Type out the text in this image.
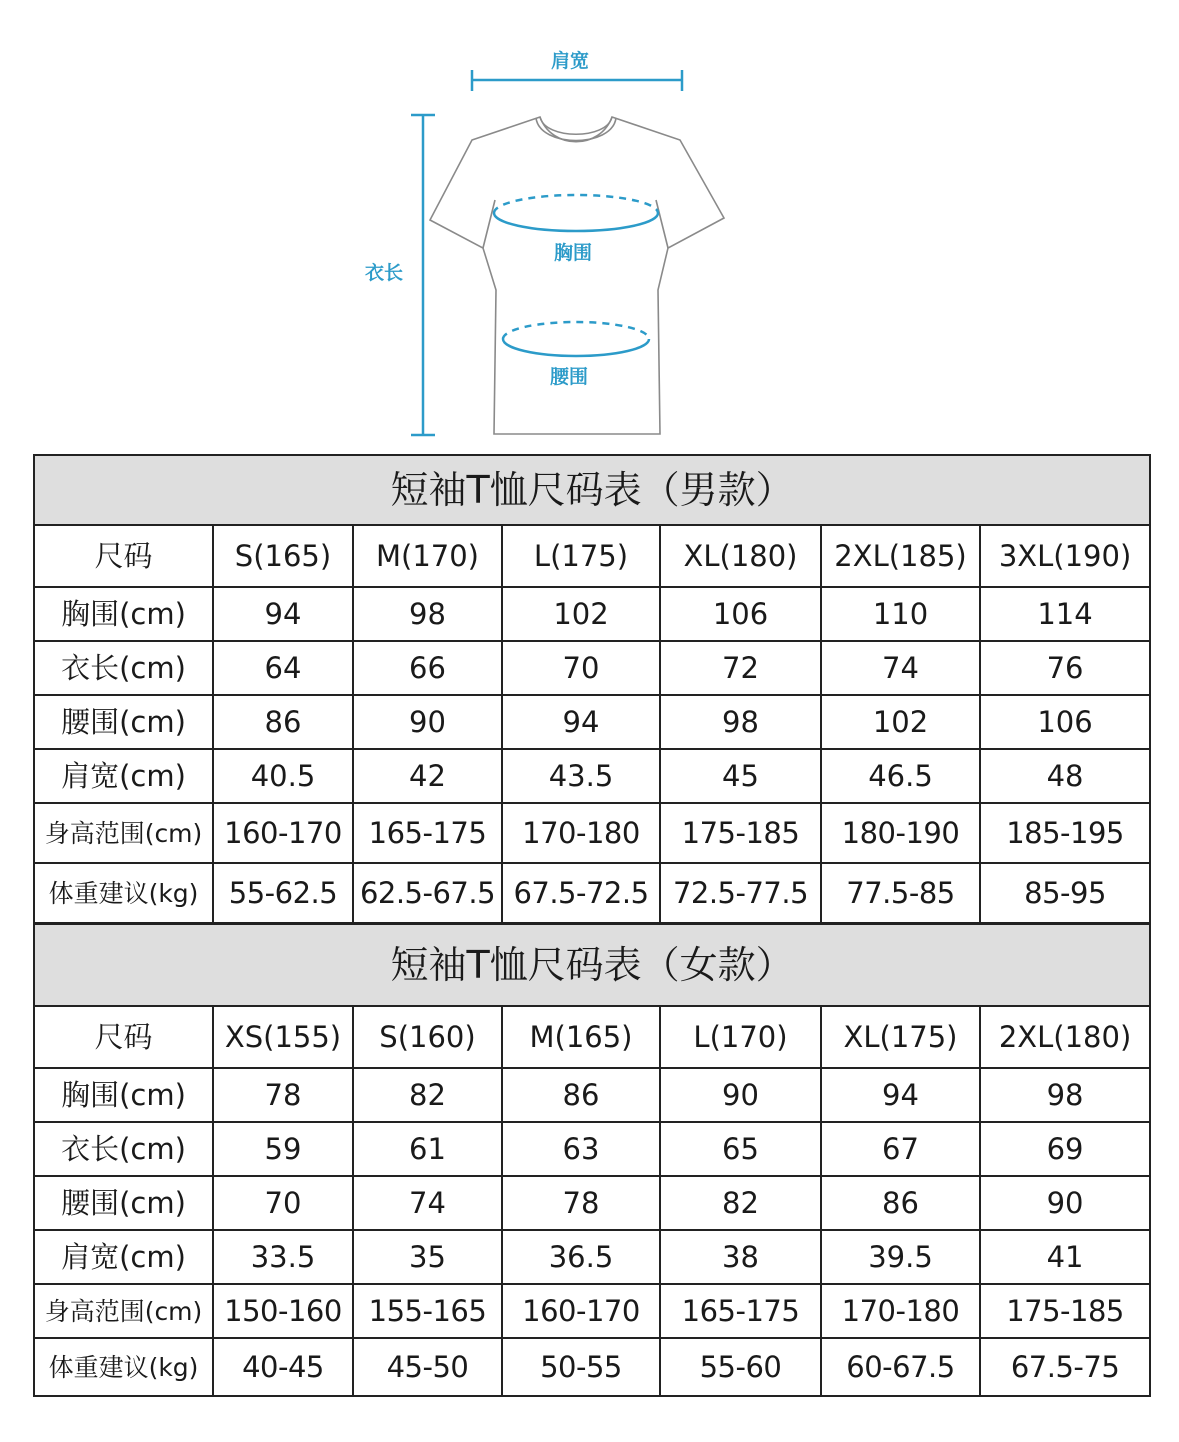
肩宽
胸围
衣长
腰围
短袖T恤尺码表（男款）						
尺码	S(165)	M(170)	L(175)	XL(180)	2XL(185)	3XL(190)
胸围(cm)	94	98	102	106	110	114
衣长(cm)	64	66	70	72	74	76
腰围(cm)	86	90	94	98	102	106
肩宽(cm)	40.5	42	43.5	45	46.5	48
身高范围(cm)	160-170	165-175	170-180	175-185	180-190	185-195
体重建议(kg)	55-62.5	62.5-67.5	67.5-72.5	72.5-77.5	77.5-85	85-95
短袖T恤尺码表（女款）						
尺码	XS(155)	S(160)	M(165)	L(170)	XL(175)	2XL(180)
胸围(cm)	78	82	86	90	94	98
衣长(cm)	59	61	63	65	67	69
腰围(cm)	70	74	78	82	86	90
肩宽(cm)	33.5	35	36.5	38	39.5	41
身高范围(cm)	150-160	155-165	160-170	165-175	170-180	175-185
体重建议(kg)	40-45	45-50	50-55	55-60	60-67.5	67.5-75
